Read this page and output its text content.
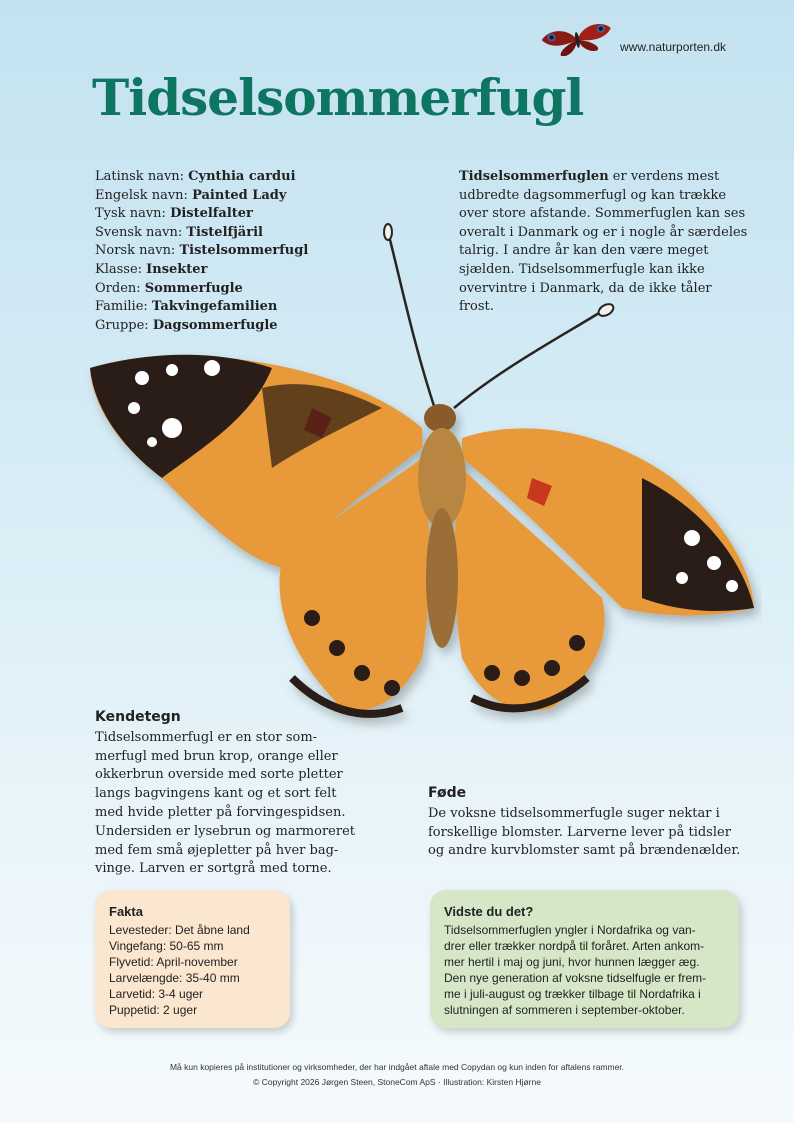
www.naturporten.dk
Tidselsommerfugl
Latinsk navn: Cynthia cardui
Engelsk navn: Painted Lady
Tysk navn: Distelfalter
Svensk navn: Tistelfjäril
Norsk navn: Tistelsommerfugl
Klasse: Insekter
Orden: Sommerfugle
Familie: Takvingefamilien
Gruppe: Dagsommerfugle
Tidselsommerfuglen er verdens mest udbredte dagsommerfugl og kan trække over store afstande. Sommerfuglen kan ses overalt i Danmark og er i nogle år særdeles talrig. I andre år kan den være meget sjælden. Tidselsommerfugle kan ikke overvintre i Danmark, da de ikke tåler frost.
Kendetegn
Tidselsommerfugl er en stor som-
merfugl med brun krop, orange eller
okkerbrun overside med sorte pletter
langs bagvingens kant og et sort felt
med hvide pletter på forvingespidsen.
Undersiden er lysebrun og marmoreret
med fem små øjepletter på hver bag-
vinge. Larven er sortgrå med torne.
Føde
De voksne tidselsommerfugle suger nektar i
forskellige blomster. Larverne lever på tidsler
og andre kurvblomster samt på brændenælder.
Fakta
Levesteder: Det åbne land
Vingefang: 50-65 mm
Flyvetid: April-november
Larvelængde: 35-40 mm
Larvetid: 3-4 uger
Puppetid: 2 uger
Vidste du det?
Tidselsommerfuglen yngler i Nordafrika og van-
drer eller trækker nordpå til foråret. Arten ankom-
mer hertil i maj og juni, hvor hunnen lægger æg.
Den nye generation af voksne tidselfugle er frem-
me i juli-august og trækker tilbage til Nordafrika i
slutningen af sommeren i september-oktober.
Må kun kopieres på institutioner og virksomheder, der har indgået aftale med Copydan og kun inden for aftalens rammer.
© Copyright 2026 Jørgen Steen, StoneCom ApS · Illustration: Kirsten Hjørne
